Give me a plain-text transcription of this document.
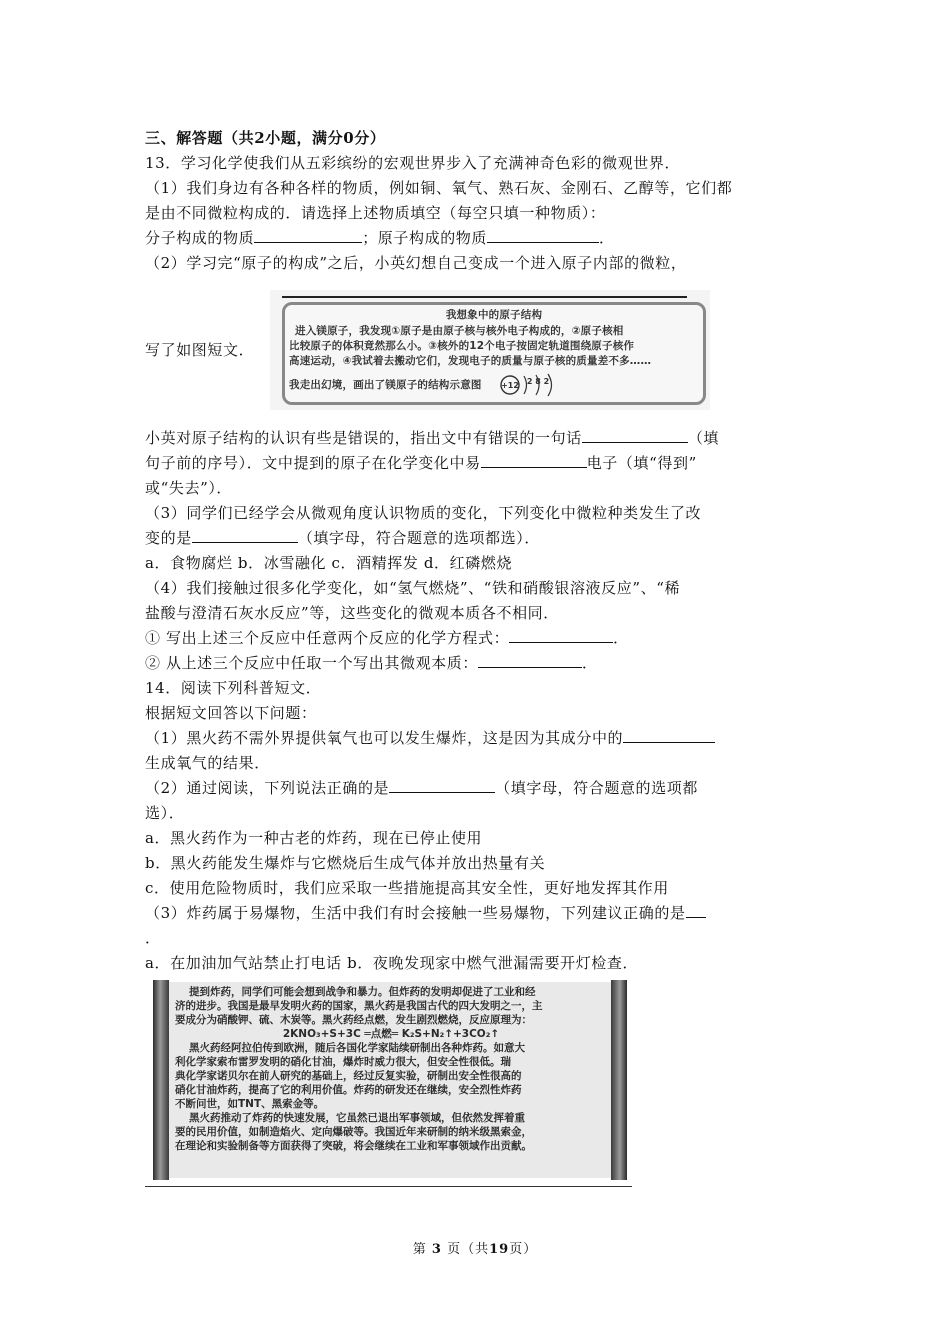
三、解答题（共2小题，满分0分）
13．学习化学使我们从五彩缤纷的宏观世界步入了充满神奇色彩的微观世界．
（1）我们身边有各种各样的物质，例如铜、氧气、熟石灰、金刚石、乙醇等，它们都
是由不同微粒构成的．请选择上述物质填空（每空只填一种物质）：
分子构成的物质	；原子构成的物质	．
（2）学习完“原子的构成”之后，小英幻想自己变成一个进入原子内部的微粒，
写了如图短文．
我想象中的原子结构
进入镁原子，我发现①原子是由原子核与核外电子构成的，②原子核相
比较原子的体积竟然那么小。③核外的12个电子按固定轨道围绕原子核作
高速运动，④我试着去搬动它们，发现电子的质量与原子核的质量差不多……
我走出幻境，画出了镁原子的结构示意图 +12 2 8 2
小英对原子结构的认识有些是错误的，指出文中有错误的一句话	（填
句子前的序号）．文中提到的原子在化学变化中易	电子（填“得到”
或“失去”）．
（3）同学们已经学会从微观角度认识物质的变化，下列变化中微粒种类发生了改
变的是	（填字母，符合题意的选项都选）．
a．食物腐烂 b．冰雪融化 c．酒精挥发 d．红磷燃烧
（4）我们接触过很多化学变化，如“氢气燃烧”、“铁和硝酸银溶液反应”、“稀
盐酸与澄清石灰水反应”等，这些变化的微观本质各不相同．
① 写出上述三个反应中任意两个反应的化学方程式：	．
② 从上述三个反应中任取一个写出其微观本质：	．
14．阅读下列科普短文．
根据短文回答以下问题：
（1）黑火药不需外界提供氧气也可以发生爆炸，这是因为其成分中的
生成氧气的结果．
（2）通过阅读，下列说法正确的是	（填字母，符合题意的选项都
选）．
a．黑火药作为一种古老的炸药，现在已停止使用
b．黑火药能发生爆炸与它燃烧后生成气体并放出热量有关
c．使用危险物质时，我们应采取一些措施提高其安全性，更好地发挥其作用
（3）炸药属于易爆物，生活中我们有时会接触一些易爆物，下列建议正确的是
．
a．在加油加气站禁止打电话 b．夜晚发现家中燃气泄漏需要开灯检查．
提到炸药，同学们可能会想到战争和暴力。但炸药的发明却促进了工业和经
济的进步。我国是最早发明火药的国家，黑火药是我国古代的四大发明之一，主
要成分为硝酸钾、硫、木炭等。黑火药经点燃，发生剧烈燃烧，反应原理为：
2KNO₃+S+3C ═点燃═ K₂S+N₂↑+3CO₂↑
黑火药经阿拉伯传到欧洲，随后各国化学家陆续研制出各种炸药。如意大
利化学家索布雷罗发明的硝化甘油，爆炸时威力很大，但安全性很低。瑞
典化学家诺贝尔在前人研究的基础上，经过反复实验，研制出安全性很高的
硝化甘油炸药，提高了它的利用价值。炸药的研发还在继续，安全烈性炸药
不断问世，如TNT、黑索金等。
黑火药推动了炸药的快速发展，它虽然已退出军事领域，但依然发挥着重
要的民用价值，如制造焰火、定向爆破等。我国近年来研制的纳米级黑索金，
在理论和实验制备等方面获得了突破，将会继续在工业和军事领域作出贡献。
第 3 页（共19页）
